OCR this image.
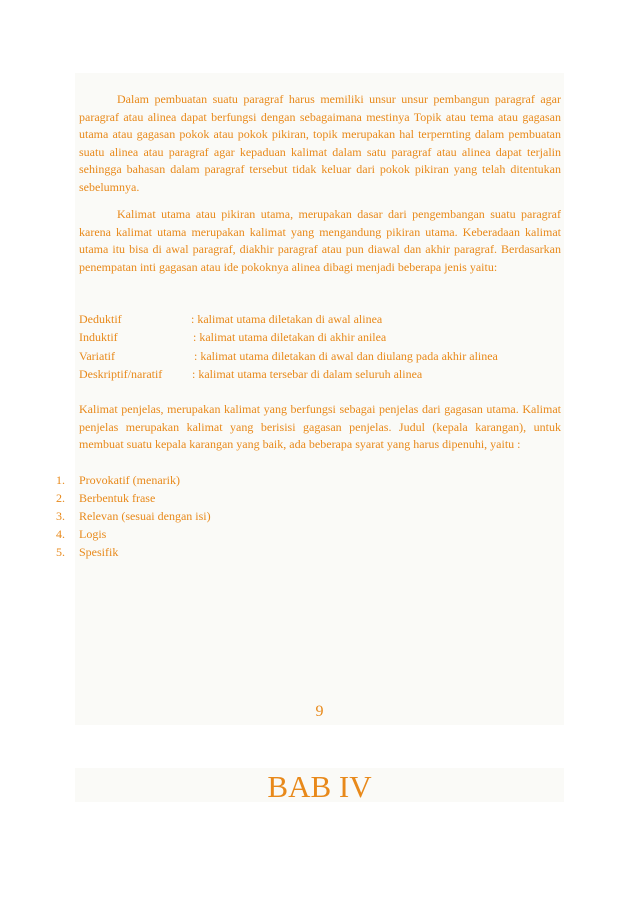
Dalam pembuatan suatu paragraf harus memiliki unsur unsur pembangun paragraf agar paragraf atau alinea dapat berfungsi dengan sebagaimana mestinya Topik atau tema atau gagasan utama atau gagasan pokok atau pokok pikiran, topik merupakan hal terpernting dalam pembuatan suatu alinea atau paragraf agar kepaduan kalimat dalam satu paragraf atau alinea dapat terjalin sehingga bahasan dalam paragraf tersebut tidak keluar dari pokok pikiran yang telah ditentukan sebelumnya.

Kalimat utama atau pikiran utama, merupakan dasar dari pengembangan suatu paragraf karena kalimat utama merupakan kalimat yang mengandung pikiran utama. Keberadaan kalimat utama itu bisa di awal paragraf, diakhir paragraf atau pun diawal dan akhir paragraf. Berdasarkan penempatan inti gagasan atau ide pokoknya alinea dibagi menjadi beberapa jenis yaitu:

Deduktif	: kalimat utama diletakan di awal alinea
Induktif	: kalimat utama diletakan di akhir anilea
Variatif	: kalimat utama diletakan di awal dan diulang pada akhir alinea
Deskriptif/naratif : kalimat utama tersebar di dalam seluruh alinea

Kalimat penjelas, merupakan kalimat yang berfungsi sebagai penjelas dari gagasan utama. Kalimat penjelas merupakan kalimat yang berisisi gagasan penjelas. Judul (kepala karangan), untuk membuat suatu kepala karangan yang baik, ada beberapa syarat yang harus dipenuhi, yaitu :

1. Provokatif (menarik)
2. Berbentuk frase
3. Relevan (sesuai dengan isi)
4. Logis
5. Spesifik
9
BAB IV
